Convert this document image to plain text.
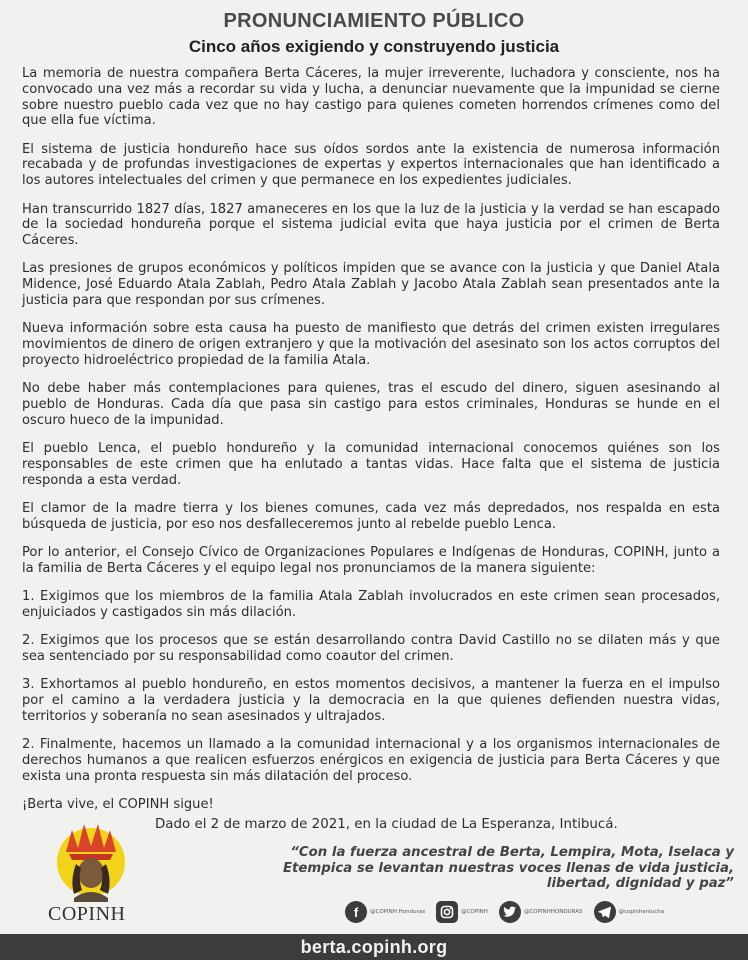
PRONUNCIAMIENTO PÚBLICO
Cinco años exigiendo y construyendo justicia

La memoria de nuestra compañera Berta Cáceres, la mujer irreverente, luchadora y consciente, nos ha convocado una vez más a recordar su vida y lucha, a denunciar nuevamente que la impunidad se cierne sobre nuestro pueblo cada vez que no hay castigo para quienes cometen horrendos crímenes como del que ella fue víctima.

El sistema de justicia hondureño hace sus oídos sordos ante la existencia de numerosa información recabada y de profundas investigaciones de expertas y expertos internacionales que han identificado a los autores intelectuales del crimen y que permanece en los expedientes judiciales.

Han transcurrido 1827 días, 1827 amaneceres en los que la luz de la justicia y la verdad se han escapado de la sociedad hondureña porque el sistema judicial evita que haya justicia por el crimen de Berta Cáceres.

Las presiones de grupos económicos y políticos impiden que se avance con la justicia y que Daniel Atala Midence, José Eduardo Atala Zablah, Pedro Atala Zablah y Jacobo Atala Zablah sean presentados ante la justicia para que respondan por sus crímenes.

Nueva información sobre esta causa ha puesto de manifiesto que detrás del crimen existen irregulares movimientos de dinero de origen extranjero y que la motivación del asesinato son los actos corruptos del proyecto hidroeléctrico propiedad de la familia Atala.

No debe haber más contemplaciones para quienes, tras el escudo del dinero, siguen asesinando al pueblo de Honduras. Cada día que pasa sin castigo para estos criminales, Honduras se hunde en el oscuro hueco de la impunidad.

El pueblo Lenca, el pueblo hondureño y la comunidad internacional conocemos quiénes son los responsables de este crimen que ha enlutado a tantas vidas. Hace falta que el sistema de justicia responda a esta verdad.

El clamor de la madre tierra y los bienes comunes, cada vez más depredados, nos respalda en esta búsqueda de justicia, por eso nos desfalleceremos junto al rebelde pueblo Lenca.

Por lo anterior, el Consejo Cívico de Organizaciones Populares e Indígenas de Honduras, COPINH, junto a la familia de Berta Cáceres y el equipo legal nos pronunciamos de la manera siguiente:

1. Exigimos que los miembros de la familia Atala Zablah involucrados en este crimen sean procesados, enjuiciados y castigados sin más dilación.

2. Exigimos que los procesos que se están desarrollando contra David Castillo no se dilaten más y que sea sentenciado por su responsabilidad como coautor del crimen.

3. Exhortamos al pueblo hondureño, en estos momentos decisivos, a mantener la fuerza en el impulso por el camino a la verdadera justicia y la democracia en la que quienes defienden nuestra vidas, territorios y soberanía no sean asesinados y ultrajados.

2. Finalmente, hacemos un llamado a la comunidad internacional y a los organismos internacionales de derechos humanos a que realicen esfuerzos enérgicos en exigencia de justicia para Berta Cáceres y que exista una pronta respuesta sin más dilatación del proceso.

¡Berta vive, el COPINH sigue!

Dado el 2 de marzo de 2021, en la ciudad de La Esperanza, Intibucá.
COPINH
“Con la fuerza ancestral de Berta, Lempira, Mota, Iselaca y Etempica se levantan nuestras voces llenas de vida justicia, libertad, dignidad y paz”
f	@COPINH Honduras	@COPINH	@COPINHHONDURAS	@copinhenlucha
berta.copinh.org
